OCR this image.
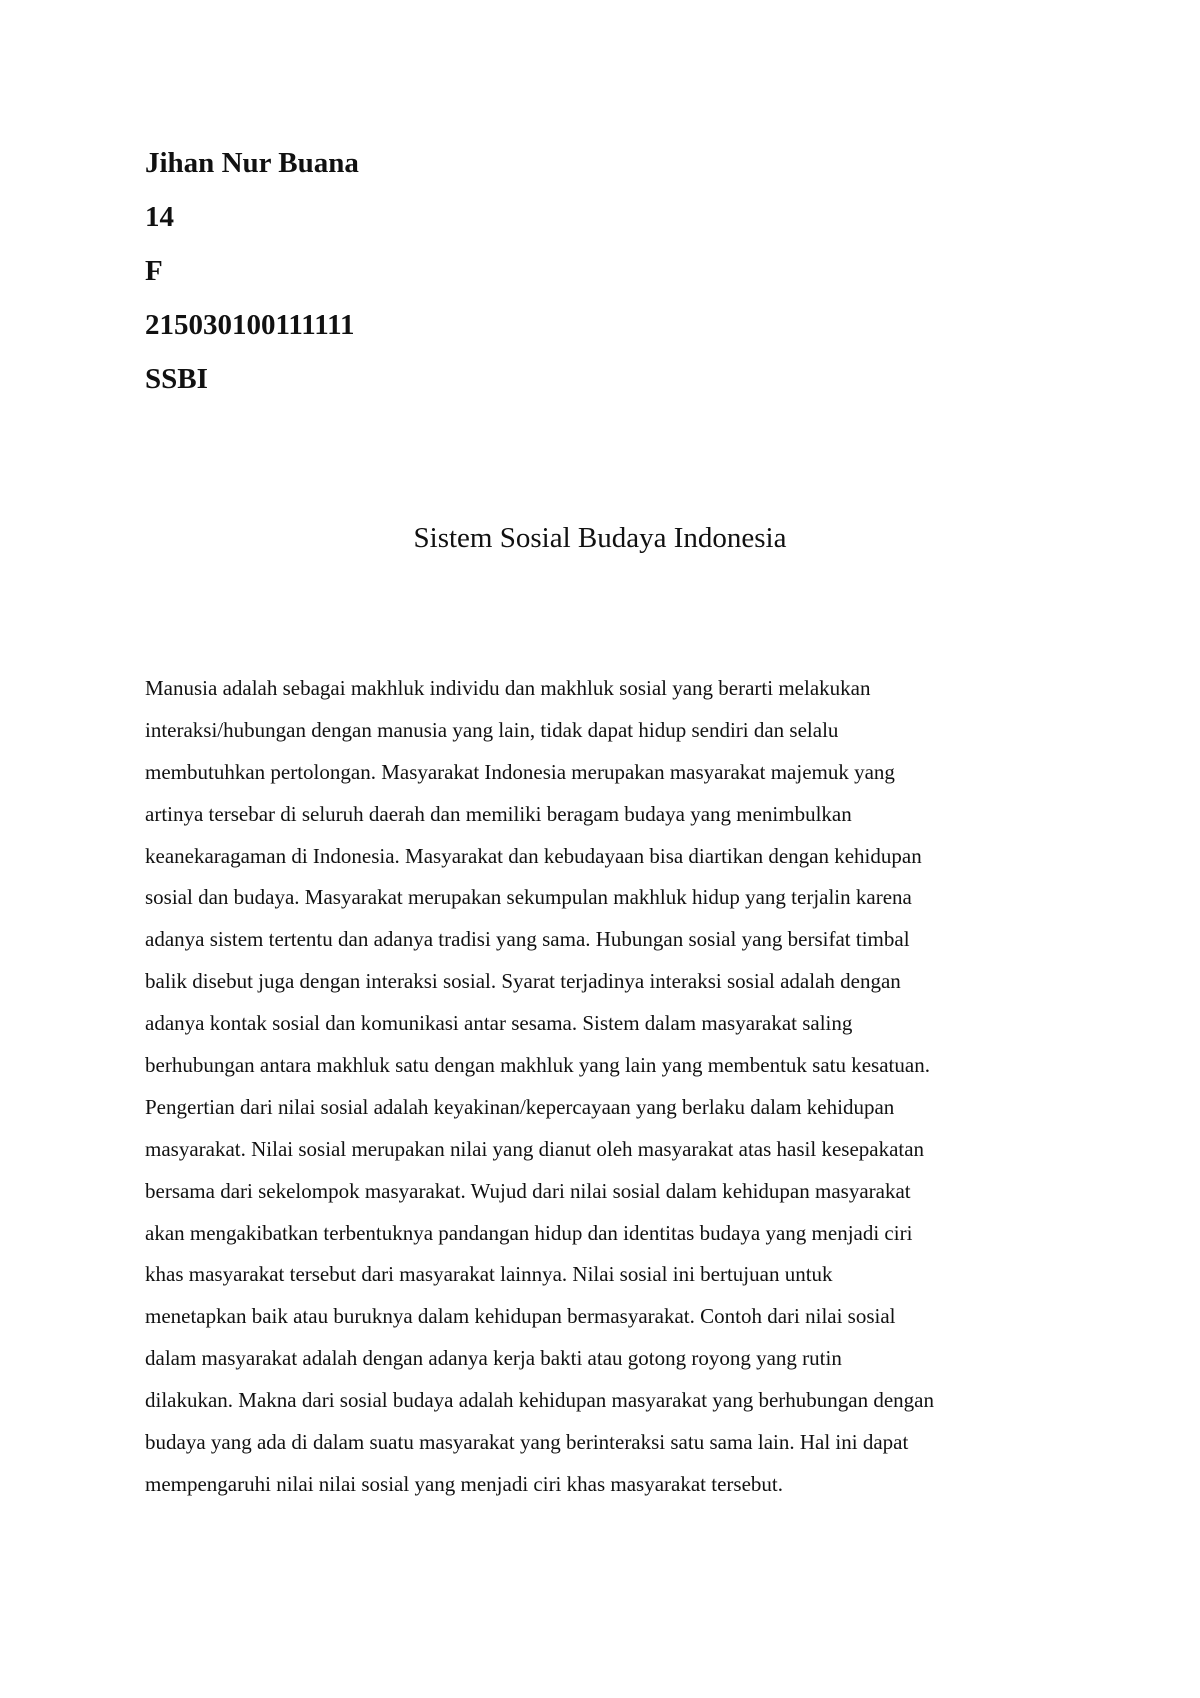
Jihan Nur Buana
14
F
215030100111111
SSBI
Sistem Sosial Budaya Indonesia
Manusia adalah sebagai makhluk individu dan makhluk sosial yang berarti melakukan
interaksi/hubungan dengan manusia yang lain, tidak dapat hidup sendiri dan selalu
membutuhkan pertolongan. Masyarakat Indonesia merupakan masyarakat majemuk yang
artinya tersebar di seluruh daerah dan memiliki beragam budaya yang menimbulkan
keanekaragaman di Indonesia. Masyarakat dan kebudayaan bisa diartikan dengan kehidupan
sosial dan budaya. Masyarakat merupakan sekumpulan makhluk hidup yang terjalin karena
adanya sistem tertentu dan adanya tradisi yang sama. Hubungan sosial yang bersifat timbal
balik disebut juga dengan interaksi sosial. Syarat terjadinya interaksi sosial adalah dengan
adanya kontak sosial dan komunikasi antar sesama. Sistem dalam masyarakat saling
berhubungan antara makhluk satu dengan makhluk yang lain yang membentuk satu kesatuan.
Pengertian dari nilai sosial adalah keyakinan/kepercayaan yang berlaku dalam kehidupan
masyarakat. Nilai sosial merupakan nilai yang dianut oleh masyarakat atas hasil kesepakatan
bersama dari sekelompok masyarakat. Wujud dari nilai sosial dalam kehidupan masyarakat
akan mengakibatkan terbentuknya pandangan hidup dan identitas budaya yang menjadi ciri
khas masyarakat tersebut dari masyarakat lainnya. Nilai sosial ini bertujuan untuk
menetapkan baik atau buruknya dalam kehidupan bermasyarakat. Contoh dari nilai sosial
dalam masyarakat adalah dengan adanya kerja bakti atau gotong royong yang rutin
dilakukan. Makna dari sosial budaya adalah kehidupan masyarakat yang berhubungan dengan
budaya yang ada di dalam suatu masyarakat yang berinteraksi satu sama lain. Hal ini dapat
mempengaruhi nilai nilai sosial yang menjadi ciri khas masyarakat tersebut.
